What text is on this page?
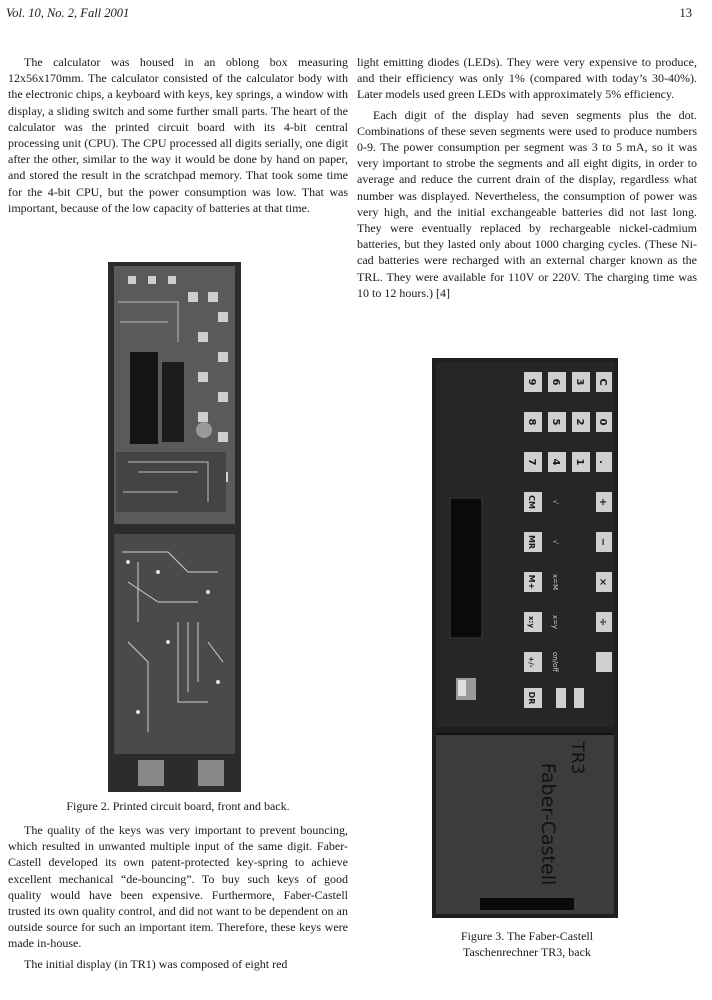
Vol. 10, No. 2, Fall 2001	13

The calculator was housed in an oblong box measuring 12x56x170mm. The calculator consisted of the calculator body with the electronic chips, a keyboard with keys, key springs, a window with display, a sliding switch and some further small parts. The heart of the calculator was the printed circuit board with its 4-bit central processing unit (CPU). The CPU processed all digits serially, one digit after the other, similar to the way it would be done by hand on paper, and stored the result in the scratchpad memory. That took some time for the 4-bit CPU, but the power consumption was low. That was important, because of the low capacity of batteries at that time.

Figure 2. Printed circuit board, front and back.

The quality of the keys was very important to prevent bouncing, which resulted in unwanted multiple input of the same digit. Faber-Castell developed its own patent-protected key-spring to achieve excellent mechanical “de-bouncing”. To buy such keys of good quality would have been expensive. Furthermore, Faber-Castell trusted its own quality control, and did not want to be dependent on an outside source for such an important item. Therefore, these keys were made in-house.

The initial display (in TR1) was composed of eight red

light emitting diodes (LEDs). They were very expensive to produce, and their efficiency was only 1% (compared with today’s 30-40%). Later models used green LEDs with approximately 5% efficiency.

Each digit of the display had seven segments plus the dot. Combinations of these seven segments were used to produce numbers 0-9. The power consumption per segment was 3 to 5 mA, so it was very important to strobe the segments and all eight digits, in order to average and reduce the current drain of the display, regardless what number was displayed. Nevertheless, the consumption of power was very high, and the initial exchangeable batteries did not last long. They were eventually replaced by rechargeable nickel-cadmium batteries, but they lasted only about 1000 charging cycles. (These Ni-cad batteries were recharged with an external charger known as the TRL. They were available for 110V or 220V. The charging time was 10 to 12 hours.) [4]

9 6 3 C
8 5 2 0
7 4 1 .
CM
MR
M+
x:y
+/-
DR
+
−
×
÷
√
√
x=M
x=y
on/off
Faber-Castell
TR3
Figure 3. The Faber-Castell
Taschenrechner TR3, back
